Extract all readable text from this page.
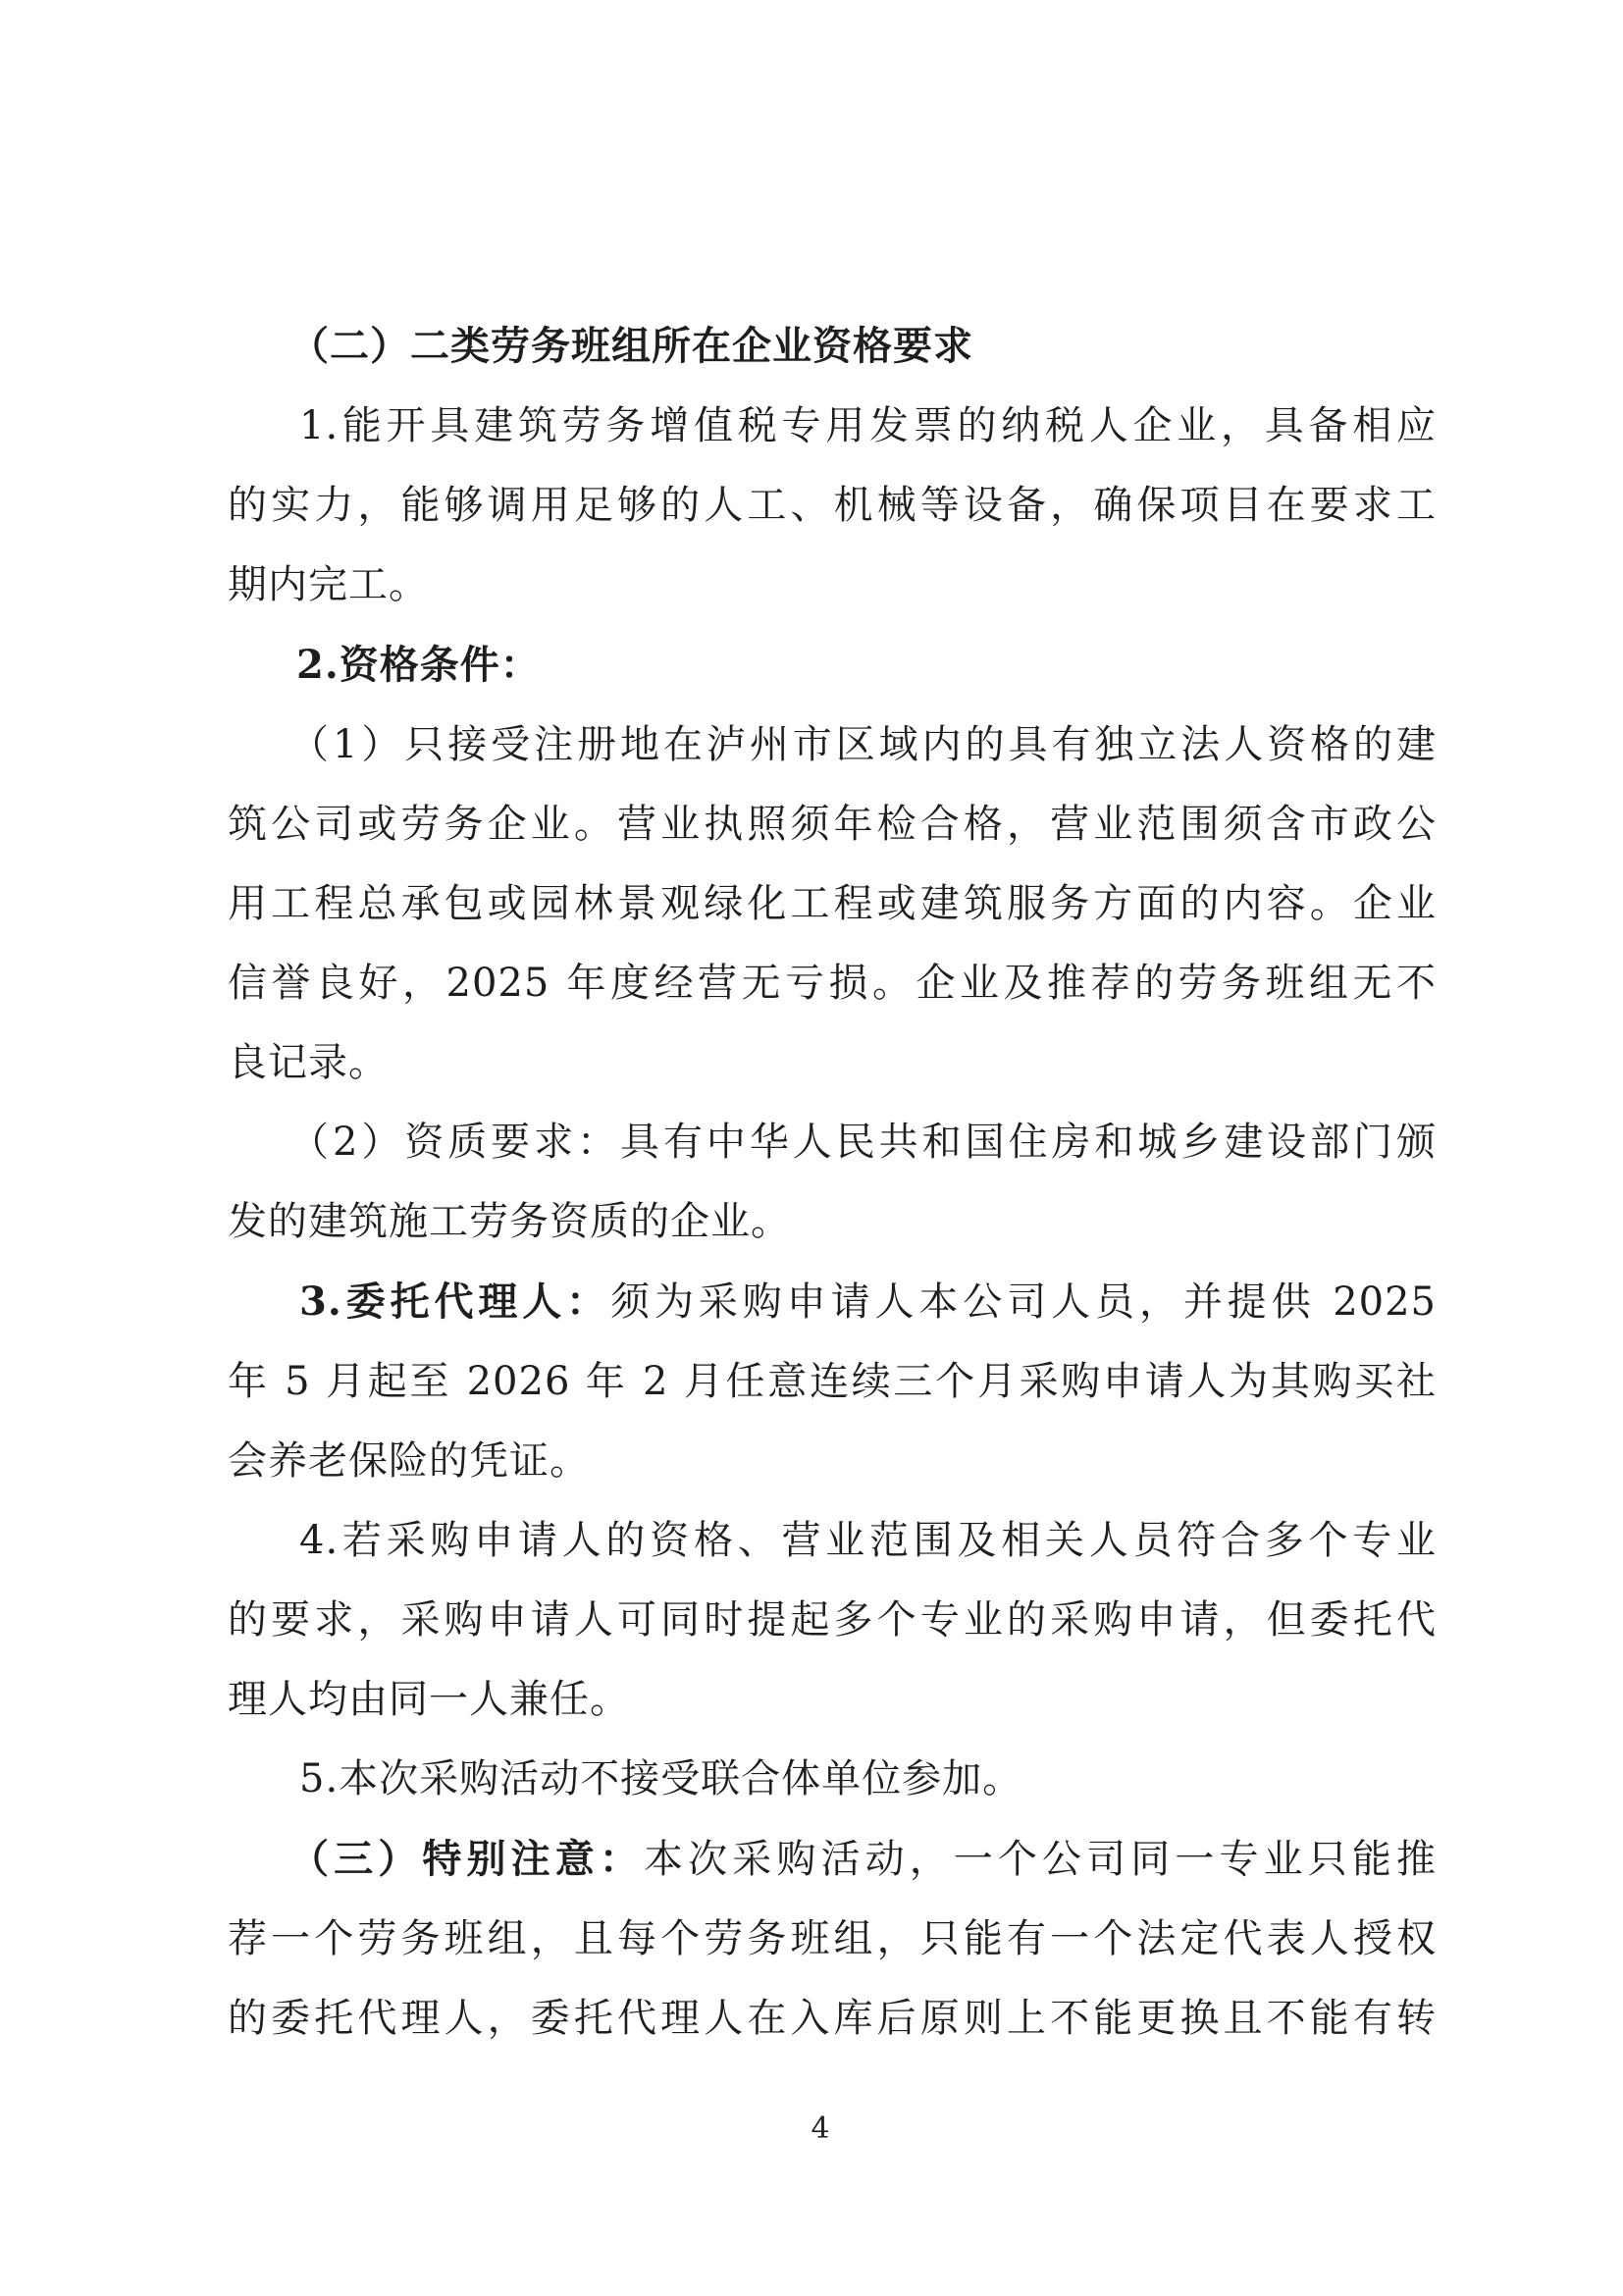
（二）二类劳务班组所在企业资格要求
1.能开具建筑劳务增值税专用发票的纳税人企业，具备相应
的实力，能够调用足够的人工、机械等设备，确保项目在要求工
期内完工。
2.资格条件：
（1）只接受注册地在泸州市区域内的具有独立法人资格的建
筑公司或劳务企业。营业执照须年检合格，营业范围须含市政公
用工程总承包或园林景观绿化工程或建筑服务方面的内容。企业
信誉良好，2025 年度经营无亏损。企业及推荐的劳务班组无不
良记录。
（2）资质要求：具有中华人民共和国住房和城乡建设部门颁
发的建筑施工劳务资质的企业。
3.委托代理人：须为采购申请人本公司人员，并提供 2025
年 5 月起至 2026 年 2 月任意连续三个月采购申请人为其购买社
会养老保险的凭证。
4.若采购申请人的资格、营业范围及相关人员符合多个专业
的要求，采购申请人可同时提起多个专业的采购申请，但委托代
理人均由同一人兼任。
5.本次采购活动不接受联合体单位参加。
（三）特别注意：本次采购活动，一个公司同一专业只能推
荐一个劳务班组，且每个劳务班组，只能有一个法定代表人授权
的委托代理人，委托代理人在入库后原则上不能更换且不能有转
4
